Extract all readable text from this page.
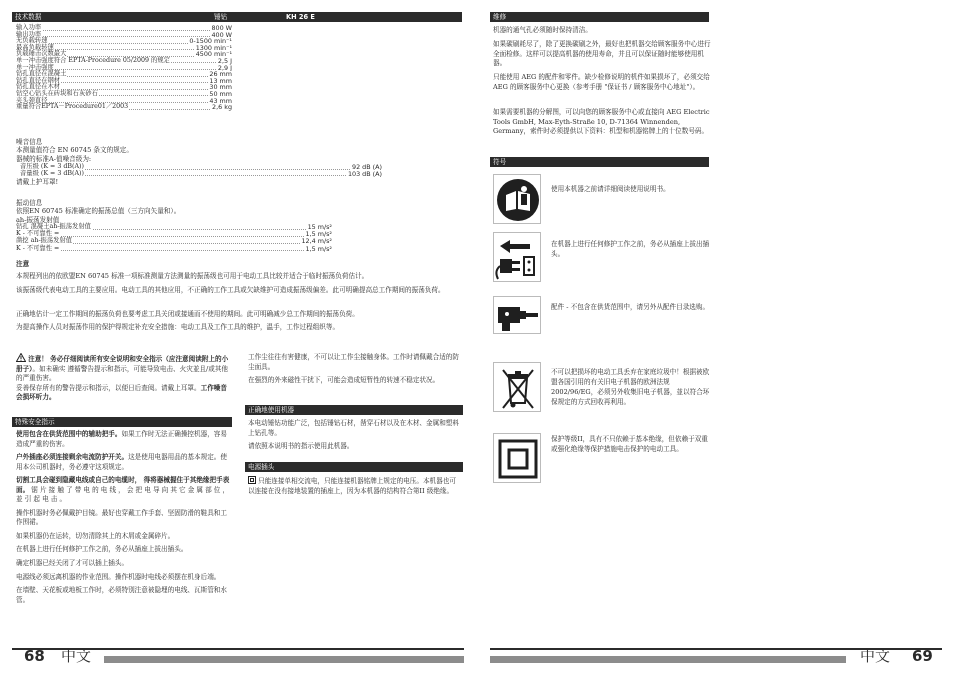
技术数据	锤钻	KH 26 E
输入功率	800 W
输出功率	400 W
无负载转速	0-1500 min⁻¹
最高负载转速	1300 min⁻¹
负载锤击次数最大	4500 min⁻¹
单一冲击强度符合 EPTA-Procedure 05/2009 的规定	2,5 J
单一冲击强度	2,9 J
钻孔直径在混凝土	26 mm
钻孔直径在钢材	13 mm
钻孔直径在木材	30 mm
钻空心钻头在砖块和石灰砂石	50 mm
夹头颈直径	43 mm
重量符合EPTA－Procedure01／2003	2,6 kg
噪音信息
本测量值符合 EN 60745 条文的规定。
器械的标准A-值噪音级为:
音压级 (K = 3 dB(A))	92 dB (A)
音量级 (K = 3 dB(A))	103 dB (A)
请戴上护耳罩!
振动信息
依照EN 60745 标准确定的振荡总值（三方向矢量和）。
ah-振荡发射值
钻孔 混凝土ah-振荡发射值	15 m/s²
K - 不可靠性 =	1,5 m/s²
凿挖 ah-振荡发射值	12,4 m/s²
K - 不可靠性 =	1,5 m/s²
注意
本规程列出的依欧盟EN 60745 标准一项标准测量方法测量的振荡级也可用于电动工具比较并适合于临时振荡负荷估计。
该振荡级代表电动工具的主要应用。电动工具的其他应用，不正确的工作工具或欠缺维护可造成振荡级偏差。此可明确提高总工作期间的振荡负荷。
正确地估计一定工作期间的振荡负荷也要考虑工具关闭或接通而不使用的期间。此可明确减少总工作期间的振荡负荷。
为提高操作人员对振荡作用的保护得规定补充安全措施：电动工具及工作工具的维护，温手，工作过程组织等。
注意！ 务必仔细阅读所有安全说明和安全指示（应注意阅读附上的小册子）。如未确实 遵循警告提示和指示，可能导致电击、火灾並且/或其他的严重伤害。
妥善保存所有的警告提示和指示，以便日后查阅。请戴上耳罩。工作噪音会损坏听力。
特殊安全指示
使用包含在供货范围中的辅助把手。如果工作时无法正确操控机器，容易造成严重的伤害。
户外插座必须连接剩余电流防护开关。这是使用电器用品的基本规定。使用本公司机器时，务必遵守这项规定。
切割工具会碰到隐藏电线或自己的电缆时， 得将器械握住于其绝缘把手表面。 锯 片 接 触 了 带 电 的 电 线 ， 会 把 电 导 向 其 它 金 属 部 位 ， 並 引 起 电 击 。
操作机器时务必佩戴护目镜。最好也穿戴工作手套、坚固防滑的鞋具和工作围裙。
如果机器仍在运转，切勿清除其上的木屑或金属碎片。
在机器上进行任何修护工作之前，务必从插座上拔出插头。
确定机器已经关闭了才可以插上插头。
电源线必须远离机器的作业范围。操作机器时电线必须摆在机身后端。
在墙壁、天花板或地板工作时，必须特别注意被隐埋的电线、瓦斯管和水管。
工作尘往往有害健康，不可以让工作尘接触身体。工作时请佩戴合适的防尘面具。
在强烈的外来磁性干扰下，可能会造成短暂性的转速不稳定状况。
正确地使用机器
本电动锤钻功能广泛，包括锤钻石材，凿穿石材以及在木材、金属和塑料上钻孔等。
请依照本说明书的指示使用此机器。
电源插头
只能连接单相交流电，只能连接机器铭牌上规定的电压。本机器也可以连接在没有接地装置的插座上，因为本机器的结构符合第II 级绝缘。
68 中文
维修
机器的通气孔必须随时保持清洁。
如果碳刷耗尽了，除了更换碳刷之外，最好也把机器交给顾客服务中心进行全面检修。这样可以提高机器的使用寿命，并且可以保证随时能够使用机器。
只能使用 AEG 的配件和零件。缺少检修说明的机件如果损坏了，必须交给 AEG 的顾客服务中心更换（参考手册 "保证书 / 顾客服务中心地址"）。
如果需要机器的分解图，可以向您的顾客服务中心或直接向 AEG Electric Tools GmbH, Max-Eyth-Straße 10, D-71364 Winnenden, Germany，索件时必须提供以下资料：机型和机器铭牌上的十位数号码。
符号
使用本机器之前请详细阅读使用说明书。
在机器上进行任何修护工作之前，务必从插座上拔出插头。
配件 - 不包含在供货范围中，请另外从配件目录选购。
不可以把损坏的电动工具丢弃在家庭垃圾中！根据被欧盟各国引用的有关旧电子机器的欧洲法规2002/96/EG，必须另外收集旧电子机器，並以符合环保规定的方式回收再利用。
保护等级II，具有不只依赖于基本绝缘，但依赖于双重或强化绝缘等保护措施电击保护的电动工具。
中文 69
